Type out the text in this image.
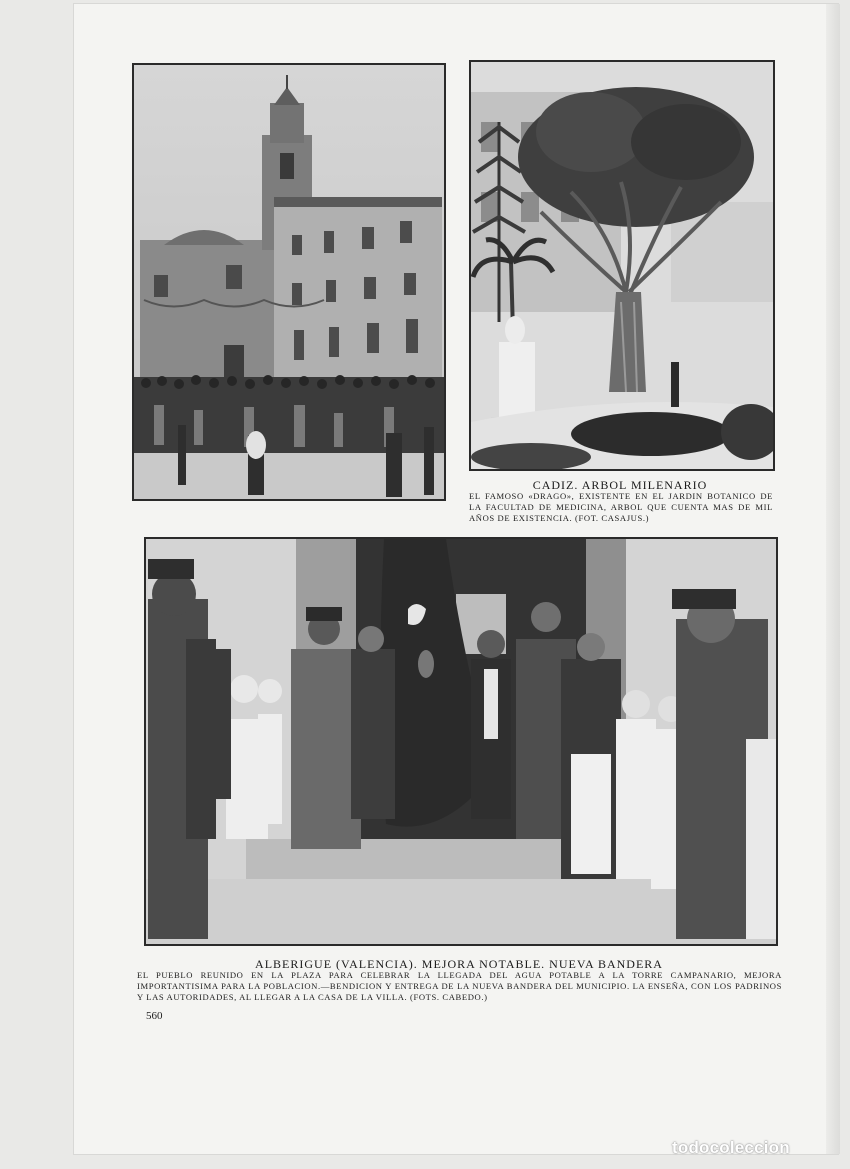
CADIZ. ARBOL MILENARIO

EL FAMOSO «DRAGO», EXISTENTE EN EL JARDIN BOTANICO DE LA FACULTAD DE MEDICINA, ARBOL QUE CUENTA MAS DE MIL AÑOS DE EXISTENCIA. (FOT. CASAJUS.)

ALBERIGUE (VALENCIA). MEJORA NOTABLE. NUEVA BANDERA

EL PUEBLO REUNIDO EN LA PLAZA PARA CELEBRAR LA LLEGADA DEL AGUA POTABLE A LA TORRE CAMPANARIO, MEJORA IMPORTANTISIMA PARA LA POBLACION.—BENDICION Y ENTREGA DE LA NUEVA BANDERA DEL MUNICIPIO. LA ENSEÑA, CON LOS PADRINOS Y LAS AUTORIDADES, AL LLEGAR A LA CASA DE LA VILLA. (FOTS. CABEDO.)

560
todocoleccion
